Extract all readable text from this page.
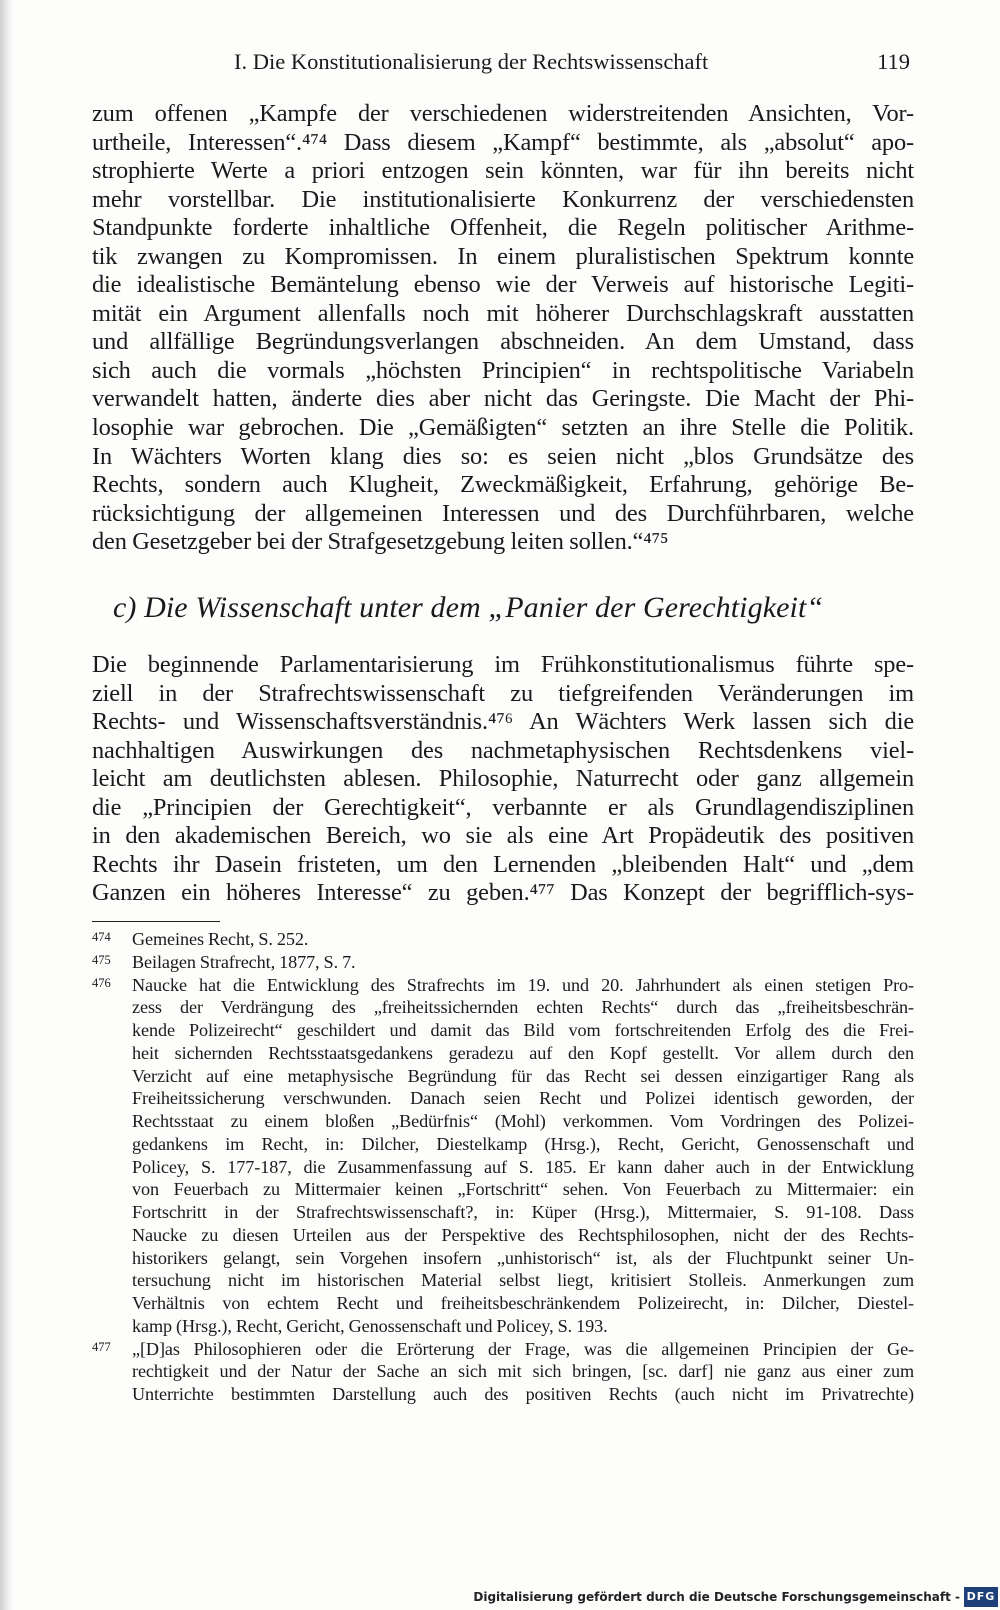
I. Die Konstitutionalisierung der Rechtswissenschaft	119
zum offenen „Kampfe der verschiedenen widerstreitenden Ansichten, Vor-
urtheile, Interessen“.⁴⁷⁴ Dass diesem „Kampf“ bestimmte, als „absolut“ apo-
strophierte Werte a priori entzogen sein könnten, war für ihn bereits nicht
mehr vorstellbar. Die institutionalisierte Konkurrenz der verschiedensten
Standpunkte forderte inhaltliche Offenheit, die Regeln politischer Arithme-
tik zwangen zu Kompromissen. In einem pluralistischen Spektrum konnte
die idealistische Bemäntelung ebenso wie der Verweis auf historische Legiti-
mität ein Argument allenfalls noch mit höherer Durchschlagskraft ausstatten
und allfällige Begründungsverlangen abschneiden. An dem Umstand, dass
sich auch die vormals „höchsten Principien“ in rechtspolitische Variabeln
verwandelt hatten, änderte dies aber nicht das Geringste. Die Macht der Phi-
losophie war gebrochen. Die „Gemäßigten“ setzten an ihre Stelle die Politik.
In Wächters Worten klang dies so: es seien nicht „blos Grundsätze des
Rechts, sondern auch Klugheit, Zweckmäßigkeit, Erfahrung, gehörige Be-
rücksichtigung der allgemeinen Interessen und des Durchführbaren, welche
den Gesetzgeber bei der Strafgesetzgebung leiten sollen.“⁴⁷⁵
c) Die Wissenschaft unter dem „Panier der Gerechtigkeit“
Die beginnende Parlamentarisierung im Frühkonstitutionalismus führte spe-
ziell in der Strafrechtswissenschaft zu tiefgreifenden Veränderungen im
Rechts- und Wissenschaftsverständnis.⁴⁷⁶ An Wächters Werk lassen sich die
nachhaltigen Auswirkungen des nachmetaphysischen Rechtsdenkens viel-
leicht am deutlichsten ablesen. Philosophie, Naturrecht oder ganz allgemein
die „Principien der Gerechtigkeit“, verbannte er als Grundlagendisziplinen
in den akademischen Bereich, wo sie als eine Art Propädeutik des positiven
Rechts ihr Dasein fristeten, um den Lernenden „bleibenden Halt“ und „dem
Ganzen ein höheres Interesse“ zu geben.⁴⁷⁷ Das Konzept der begrifflich-sys-
474 Gemeines Recht, S. 252.
475 Beilagen Strafrecht, 1877, S. 7.
476 Naucke hat die Entwicklung des Strafrechts im 19. und 20. Jahrhundert als einen stetigen Pro-
zess der Verdrängung des „freiheitssichernden echten Rechts“ durch das „freiheitsbeschrän-
kende Polizeirecht“ geschildert und damit das Bild vom fortschreitenden Erfolg des die Frei-
heit sichernden Rechtsstaatsgedankens geradezu auf den Kopf gestellt. Vor allem durch den
Verzicht auf eine metaphysische Begründung für das Recht sei dessen einzigartiger Rang als
Freiheitssicherung verschwunden. Danach seien Recht und Polizei identisch geworden, der
Rechtsstaat zu einem bloßen „Bedürfnis“ (Mohl) verkommen. Vom Vordringen des Polizei-
gedankens im Recht, in: Dilcher, Diestelkamp (Hrsg.), Recht, Gericht, Genossenschaft und
Policey, S. 177-187, die Zusammenfassung auf S. 185. Er kann daher auch in der Entwicklung
von Feuerbach zu Mittermaier keinen „Fortschritt“ sehen. Von Feuerbach zu Mittermaier: ein
Fortschritt in der Strafrechtswissenschaft?, in: Küper (Hrsg.), Mittermaier, S. 91-108. Dass
Naucke zu diesen Urteilen aus der Perspektive des Rechtsphilosophen, nicht der des Rechts-
historikers gelangt, sein Vorgehen insofern „unhistorisch“ ist, als der Fluchtpunkt seiner Un-
tersuchung nicht im historischen Material selbst liegt, kritisiert Stolleis. Anmerkungen zum
Verhältnis von echtem Recht und freiheitsbeschränkendem Polizeirecht, in: Dilcher, Diestel-
kamp (Hrsg.), Recht, Gericht, Genossenschaft und Policey, S. 193.
477 „[D]as Philosophieren oder die Erörterung der Frage, was die allgemeinen Principien der Ge-
rechtigkeit und der Natur der Sache an sich mit sich bringen, [sc. darf] nie ganz aus einer zum
Unterrichte bestimmten Darstellung auch des positiven Rechts (auch nicht im Privatrechte)
Digitalisierung gefördert durch die Deutsche Forschungsgemeinschaft - DFG
